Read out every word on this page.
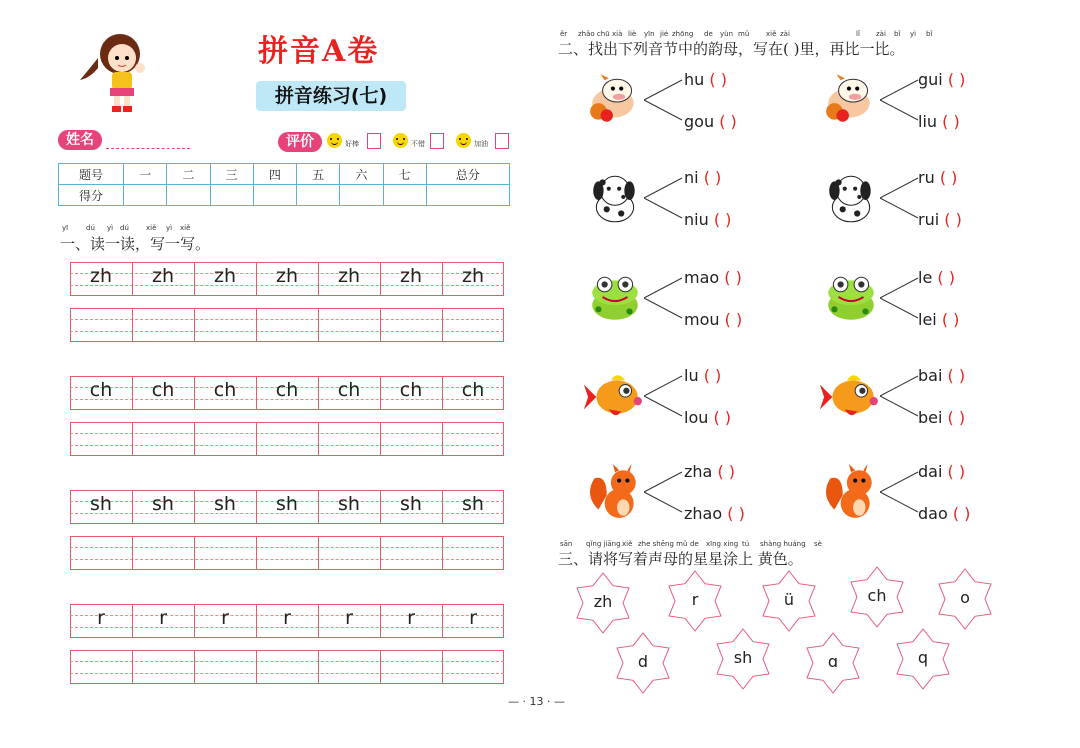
拼音A卷
拼音练习(七)
姓名	评价	好棒	不错	加油
题号	一	二	三	四	五	六	七	总分
得分								
yī	dú yì dú xiě yì xiě
一、读一读，写一写。
zh	zh	zh	zh	zh	zh	zh
ch	ch	ch	ch	ch	ch	ch
sh	sh	sh	sh	sh	sh	sh
r	r	r	r	r	r	r
ěr zhǎo chū xià liè yīn jié zhōng de yùn mǔ xiě zài	lǐ zài bǐ yì bǐ
二、找出下列音节中的韵母，写在( )里，再比一比。
hu ( )
gou ( )
gui ( )
liu ( )
ni ( )
niu ( )
ru ( )
rui ( )
mao ( )
mou ( )
le ( )
lei ( )
lu ( )
lou ( )
bai ( )
bei ( )
zha ( )
zhao ( )
dai ( )
dao ( )
sān qǐng jiāng xiě zhe shēng mǔ de xīng xing tú shàng huáng sè
三、请将写着声母的星星涂上 黄色。
zh	r	ü	ch	o
d	sh	ɑ	q
— · 13 · —
